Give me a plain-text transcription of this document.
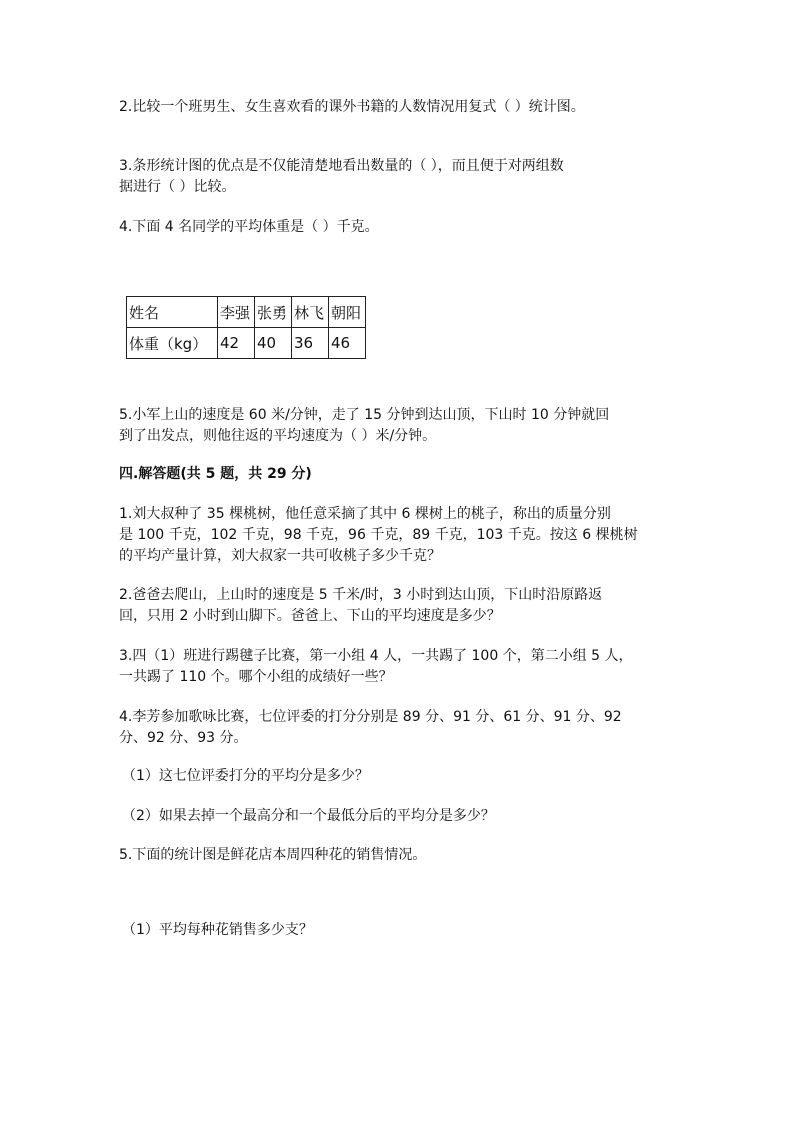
2.比较一个班男生、女生喜欢看的课外书籍的人数情况用复式（ ）统计图。
3.条形统计图的优点是不仅能清楚地看出数量的（ ），而且便于对两组数
据进行（ ）比较。
4.下面 4 名同学的平均体重是（ ）千克。
姓名	李强	张勇	林飞	朝阳
体重（kg）	42	40	36	46
5.小军上山的速度是 60 米/分钟，走了 15 分钟到达山顶，下山时 10 分钟就回
到了出发点，则他往返的平均速度为（ ）米/分钟。
四.解答题(共 5 题，共 29 分)
1.刘大叔种了 35 棵桃树，他任意采摘了其中 6 棵树上的桃子，称出的质量分别
是 100 千克，102 千克，98 千克，96 千克，89 千克，103 千克。按这 6 棵桃树
的平均产量计算，刘大叔家一共可收桃子多少千克？
2.爸爸去爬山，上山时的速度是 5 千米/时，3 小时到达山顶，下山时沿原路返
回，只用 2 小时到山脚下。爸爸上、下山的平均速度是多少？
3.四（1）班进行踢毽子比赛，第一小组 4 人，一共踢了 100 个，第二小组 5 人，
一共踢了 110 个。哪个小组的成绩好一些？
4.李芳参加歌咏比赛，七位评委的打分分别是 89 分、91 分、61 分、91 分、92
分、92 分、93 分。
（1）这七位评委打分的平均分是多少？
（2）如果去掉一个最高分和一个最低分后的平均分是多少？
5.下面的统计图是鲜花店本周四种花的销售情况。
（1）平均每种花销售多少支？
